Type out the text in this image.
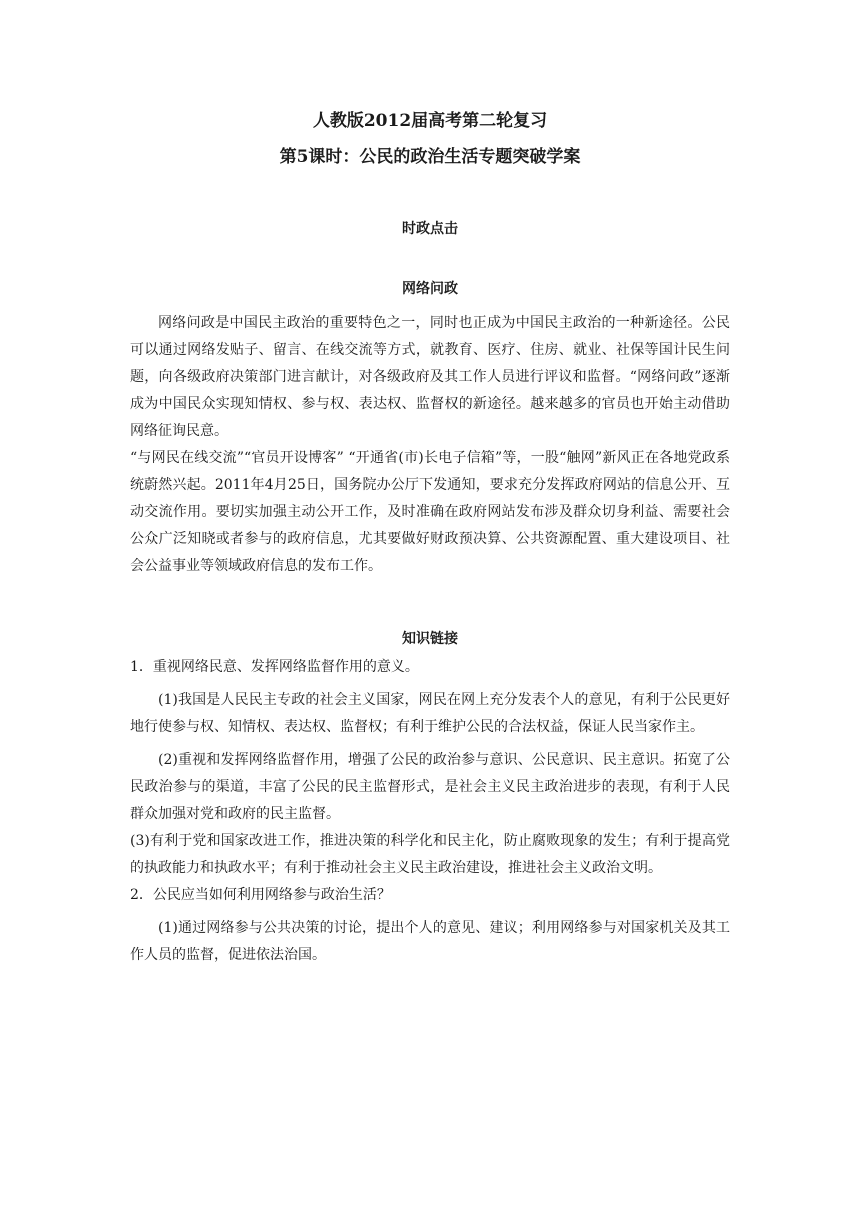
人教版2012届高考第二轮复习
第5课时：公民的政治生活专题突破学案
时政点击
网络问政

网络问政是中国民主政治的重要特色之一，同时也正成为中国民主政治的一种新途径。公民可以通过网络发贴子、留言、在线交流等方式，就教育、医疗、住房、就业、社保等国计民生问题，向各级政府决策部门进言献计，对各级政府及其工作人员进行评议和监督。“网络问政”逐渐成为中国民众实现知情权、参与权、表达权、监督权的新途径。越来越多的官员也开始主动借助网络征询民意。

“与网民在线交流”“官员开设博客” “开通省(市)长电子信箱”等，一股“触网”新风正在各地党政系统蔚然兴起。2011年4月25日，国务院办公厅下发通知，要求充分发挥政府网站的信息公开、互动交流作用。要切实加强主动公开工作，及时准确在政府网站发布涉及群众切身利益、需要社会公众广泛知晓或者参与的政府信息，尤其要做好财政预决算、公共资源配置、重大建设项目、社会公益事业等领域政府信息的发布工作。

知识链接

1．重视网络民意、发挥网络监督作用的意义。

(1)我国是人民民主专政的社会主义国家，网民在网上充分发表个人的意见，有利于公民更好地行使参与权、知情权、表达权、监督权；有利于维护公民的合法权益，保证人民当家作主。

(2)重视和发挥网络监督作用，增强了公民的政治参与意识、公民意识、民主意识。拓宽了公民政治参与的渠道，丰富了公民的民主监督形式，是社会主义民主政治进步的表现，有利于人民群众加强对党和政府的民主监督。

(3)有利于党和国家改进工作，推进决策的科学化和民主化，防止腐败现象的发生；有利于提高党的执政能力和执政水平；有利于推动社会主义民主政治建设，推进社会主义政治文明。

2．公民应当如何利用网络参与政治生活？

(1)通过网络参与公共决策的讨论，提出个人的意见、建议；利用网络参与对国家机关及其工作人员的监督，促进依法治国。
